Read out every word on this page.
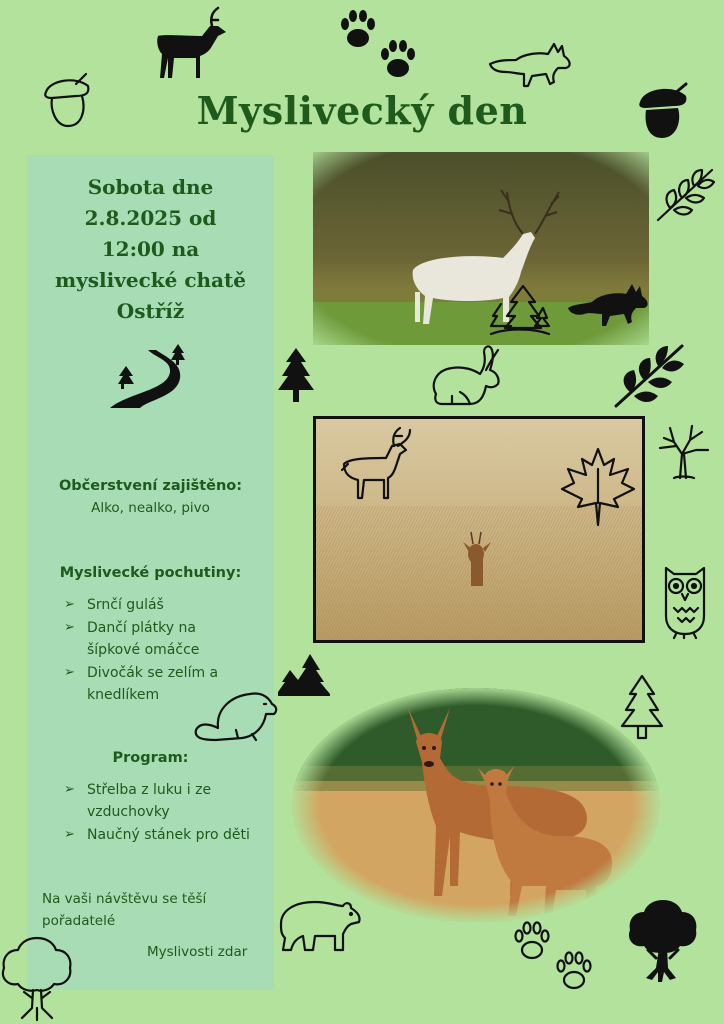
Myslivecký den
Sobota dne
2.8.2025 od
12:00 na
myslivecké chatě
Ostříž
Občerstvení zajištěno:
Alko, nealko, pivo
Myslivecké pochutiny:
➢ Srnčí guláš
➢ Dančí plátky na
šípkové omáčce
➢ Divočák se zelím a
knedlíkem
Program:
➢ Střelba z luku i ze
vzduchovky
➢ Naučný stánek pro děti
Na vaši návštěvu se těší
pořadatelé
Myslivosti zdar
